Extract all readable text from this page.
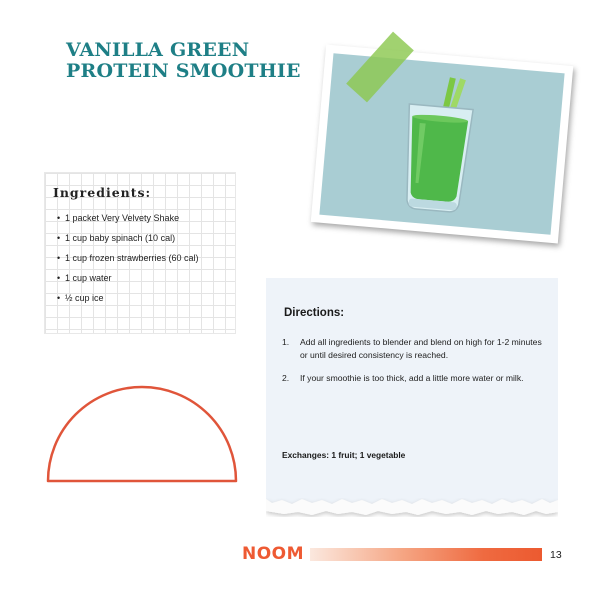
VANILLA GREEN
PROTEIN SMOOTHIE
Ingredients:
• 1 packet Very Velvety Shake
• 1 cup baby spinach (10 cal)
• 1 cup frozen strawberries (60 cal)
• 1 cup water
• ½ cup ice
Directions:
1. Add all ingredients to blender and blend on high for 1-2 minutes or until desired consistency is reached.
2. If your smoothie is too thick, add a little more water or milk.
Exchanges: 1 fruit; 1 vegetable
NOOM	13
